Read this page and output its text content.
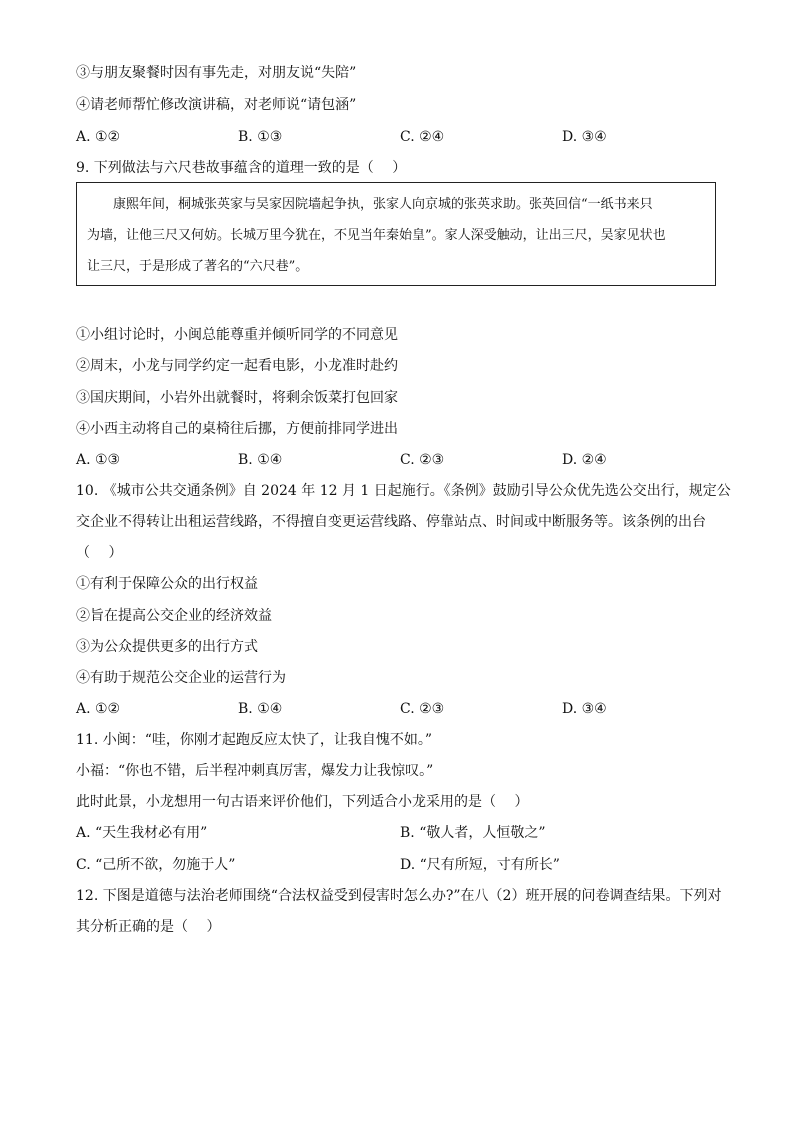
③与朋友聚餐时因有事先走，对朋友说“失陪”
④请老师帮忙修改演讲稿，对老师说“请包涵”
A. ①②	B. ①③	C. ②④	D. ③④
9. 下列做法与六尺巷故事蕴含的道理一致的是（　 ）
康熙年间，桐城张英家与吴家因院墙起争执，张家人向京城的张英求助。张英回信“一纸书来只
为墙，让他三尺又何妨。长城万里今犹在，不见当年秦始皇”。家人深受触动，让出三尺，吴家见状也
让三尺，于是形成了著名的“六尺巷”。
①小组讨论时，小闽总能尊重并倾听同学的不同意见
②周末，小龙与同学约定一起看电影，小龙准时赴约
③国庆期间，小岩外出就餐时，将剩余饭菜打包回家
④小西主动将自己的桌椅往后挪，方便前排同学进出
A. ①③	B. ①④	C. ②③	D. ②④
10. 《城市公共交通条例》自 2024 年 12 月 1 日起施行。《条例》鼓励引导公众优先选公交出行，规定公
交企业不得转让出租运营线路，不得擅自变更运营线路、停靠站点、时间或中断服务等。该条例的出台
（　 ）
①有利于保障公众的出行权益
②旨在提高公交企业的经济效益
③为公众提供更多的出行方式
④有助于规范公交企业的运营行为
A. ①②	B. ①④	C. ②③	D. ③④
11. 小闽：“哇，你刚才起跑反应太快了，让我自愧不如。”
小福：“你也不错，后半程冲刺真厉害，爆发力让我惊叹。”
此时此景，小龙想用一句古语来评价他们，下列适合小龙采用的是（　 ）
A. “天生我材必有用”	B. “敬人者，人恒敬之”
C. “己所不欲，勿施于人”	D. “尺有所短，寸有所长”
12. 下图是道德与法治老师围绕“合法权益受到侵害时怎么办?”在八（2）班开展的问卷调查结果。下列对
其分析正确的是（　 ）
